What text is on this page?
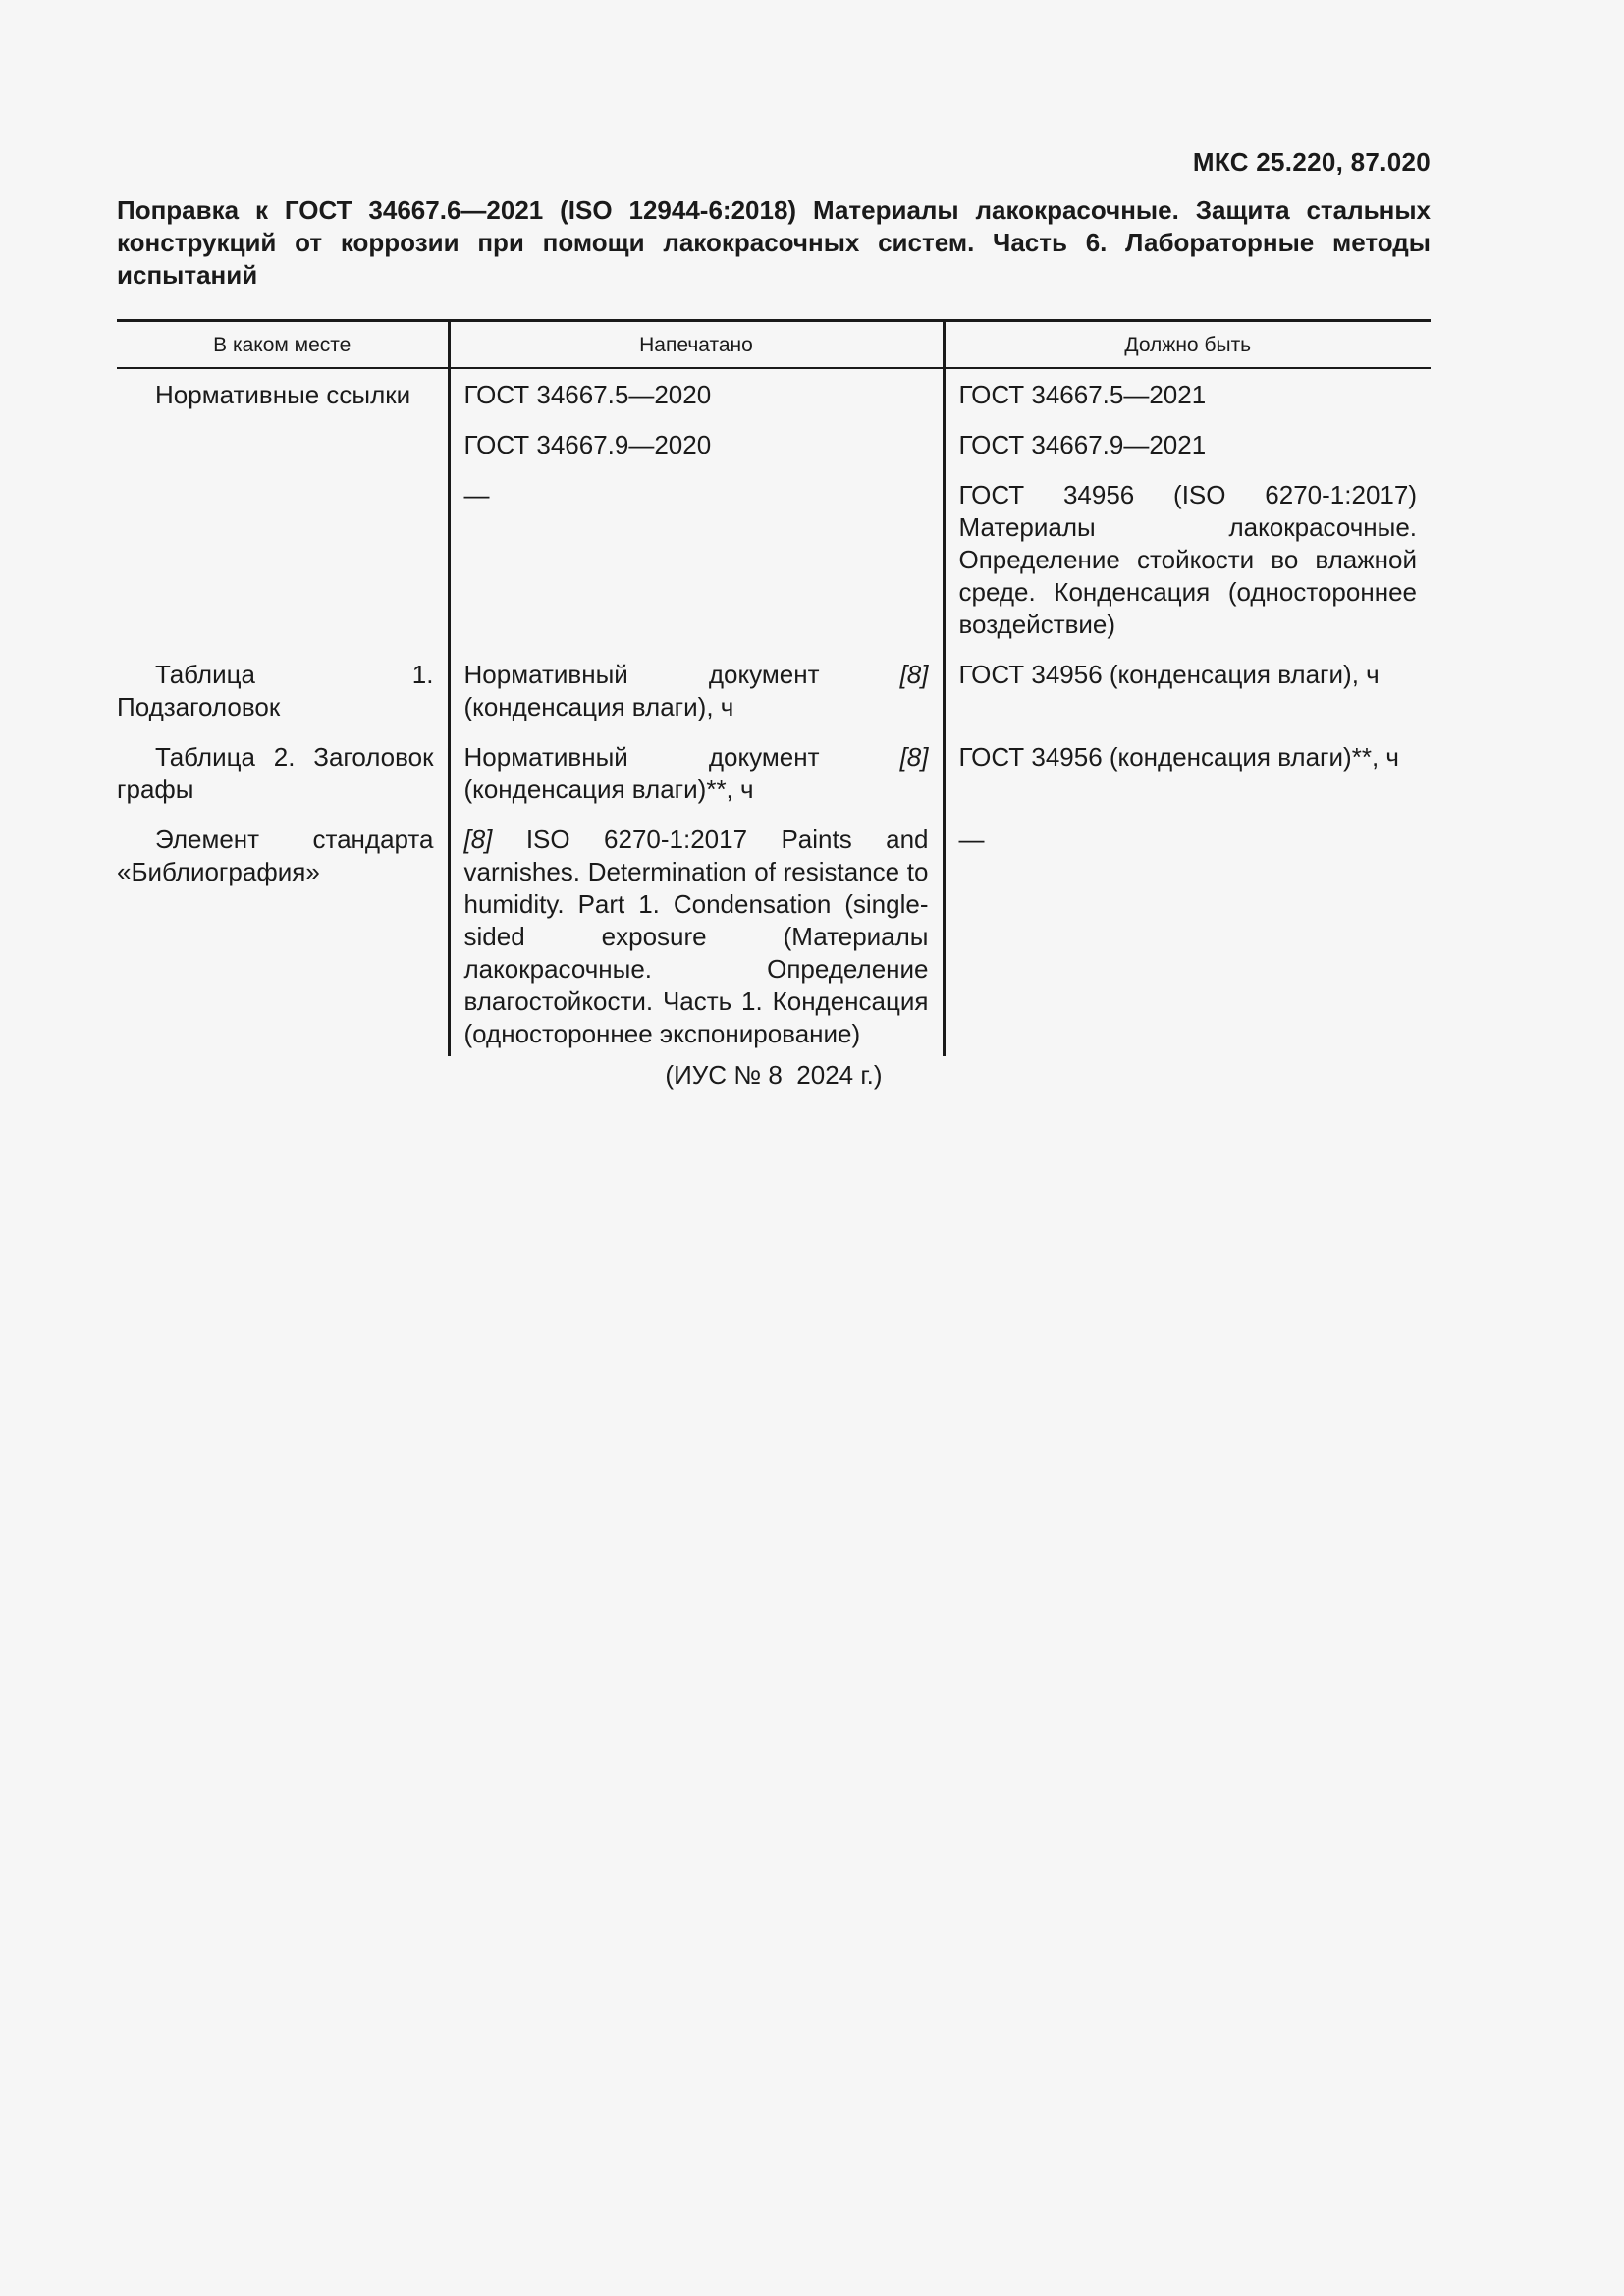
МКС 25.220, 87.020
Поправка к ГОСТ 34667.6—2021 (ISO 12944-6:2018) Материалы лакокрасочные. Защита стальных конструкций от коррозии при помощи лакокрасочных систем. Часть 6. Лабораторные методы испытаний
В каком месте	Напечатано	Должно быть
Нормативные ссылки	ГОСТ 34667.5—2020	ГОСТ 34667.5—2021
	ГОСТ 34667.9—2020	ГОСТ 34667.9—2021
	—	ГОСТ 34956 (ISO 6270-1:2017) Материалы лакокрасочные. Определение стойкости во влажной среде. Конденсация (одностороннее воздействие)
Таблица 1. Подзаголовок	Нормативный документ [8] (конденсация влаги), ч	ГОСТ 34956 (конденсация влаги), ч
Таблица 2. Заголовок графы	Нормативный документ [8] (конденсация влаги)**, ч	ГОСТ 34956 (конденсация влаги)**, ч
Элемент стандарта «Библиография»	[8] ISO 6270-1:2017 Paints and varnishes. Determination of resistance to humidity. Part 1. Condensation (single-sided exposure (Материалы лакокрасочные. Определение влагостойкости. Часть 1. Конденсация (одностороннее экспонирование)	—
(ИУС № 8  2024 г.)
